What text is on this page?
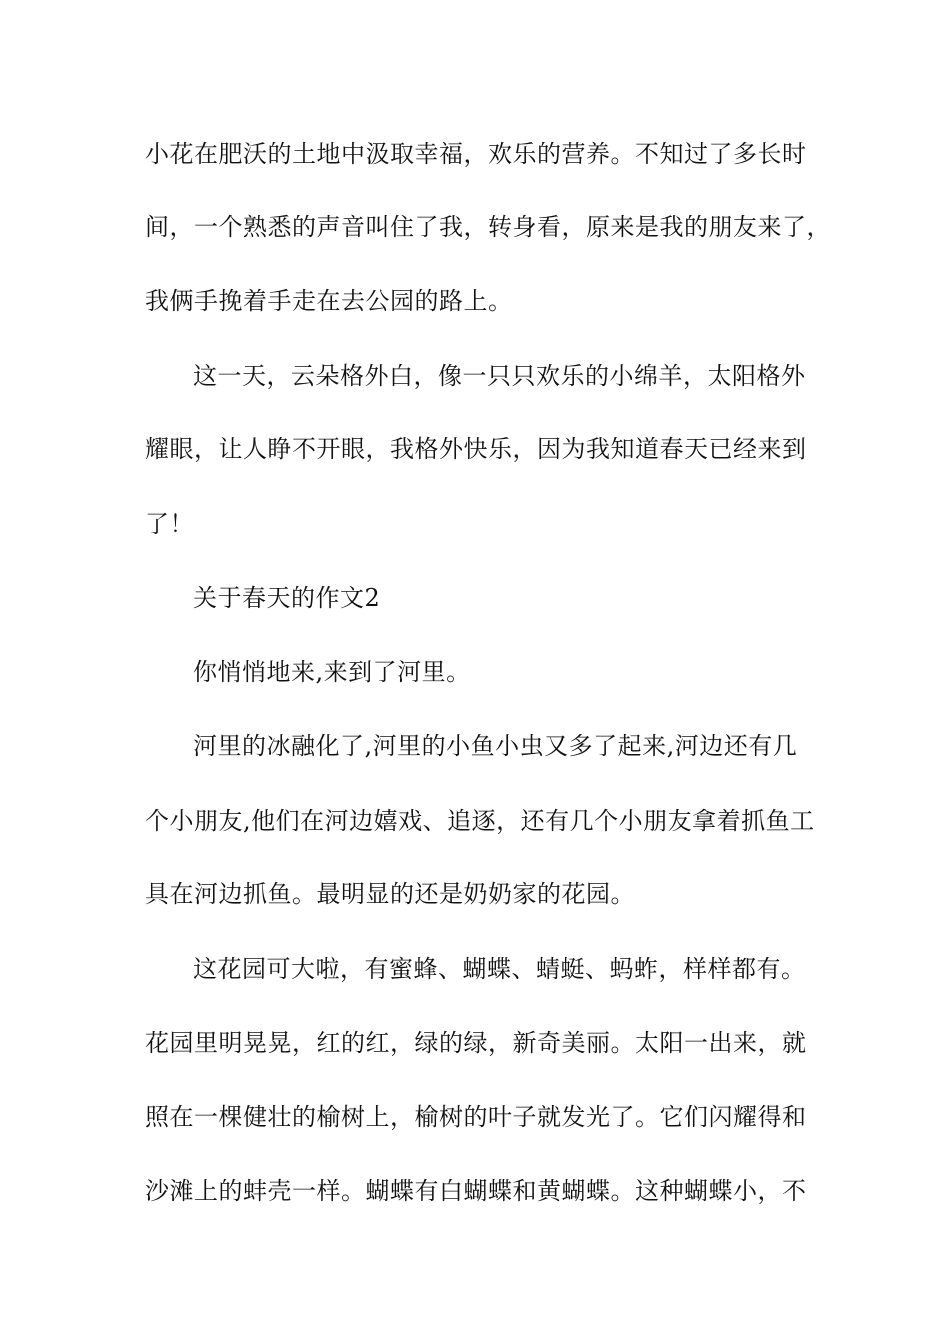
小花在肥沃的土地中汲取幸福，欢乐的营养。不知过了多长时
间，一个熟悉的声音叫住了我，转身看，原来是我的朋友来了，
我俩手挽着手走在去公园的路上。
这一天，云朵格外白，像一只只欢乐的小绵羊，太阳格外
耀眼，让人睁不开眼，我格外快乐，因为我知道春天已经来到
了！
关于春天的作文2
你悄悄地来,来到了河里。
河里的冰融化了,河里的小鱼小虫又多了起来,河边还有几
个小朋友,他们在河边嬉戏、追逐，还有几个小朋友拿着抓鱼工
具在河边抓鱼。最明显的还是奶奶家的花园。
这花园可大啦，有蜜蜂、蝴蝶、蜻蜓、蚂蚱，样样都有。
花园里明晃晃，红的红，绿的绿，新奇美丽。太阳一出来，就
照在一棵健壮的榆树上，榆树的叶子就发光了。它们闪耀得和
沙滩上的蚌壳一样。蝴蝶有白蝴蝶和黄蝴蝶。这种蝴蝶小，不
